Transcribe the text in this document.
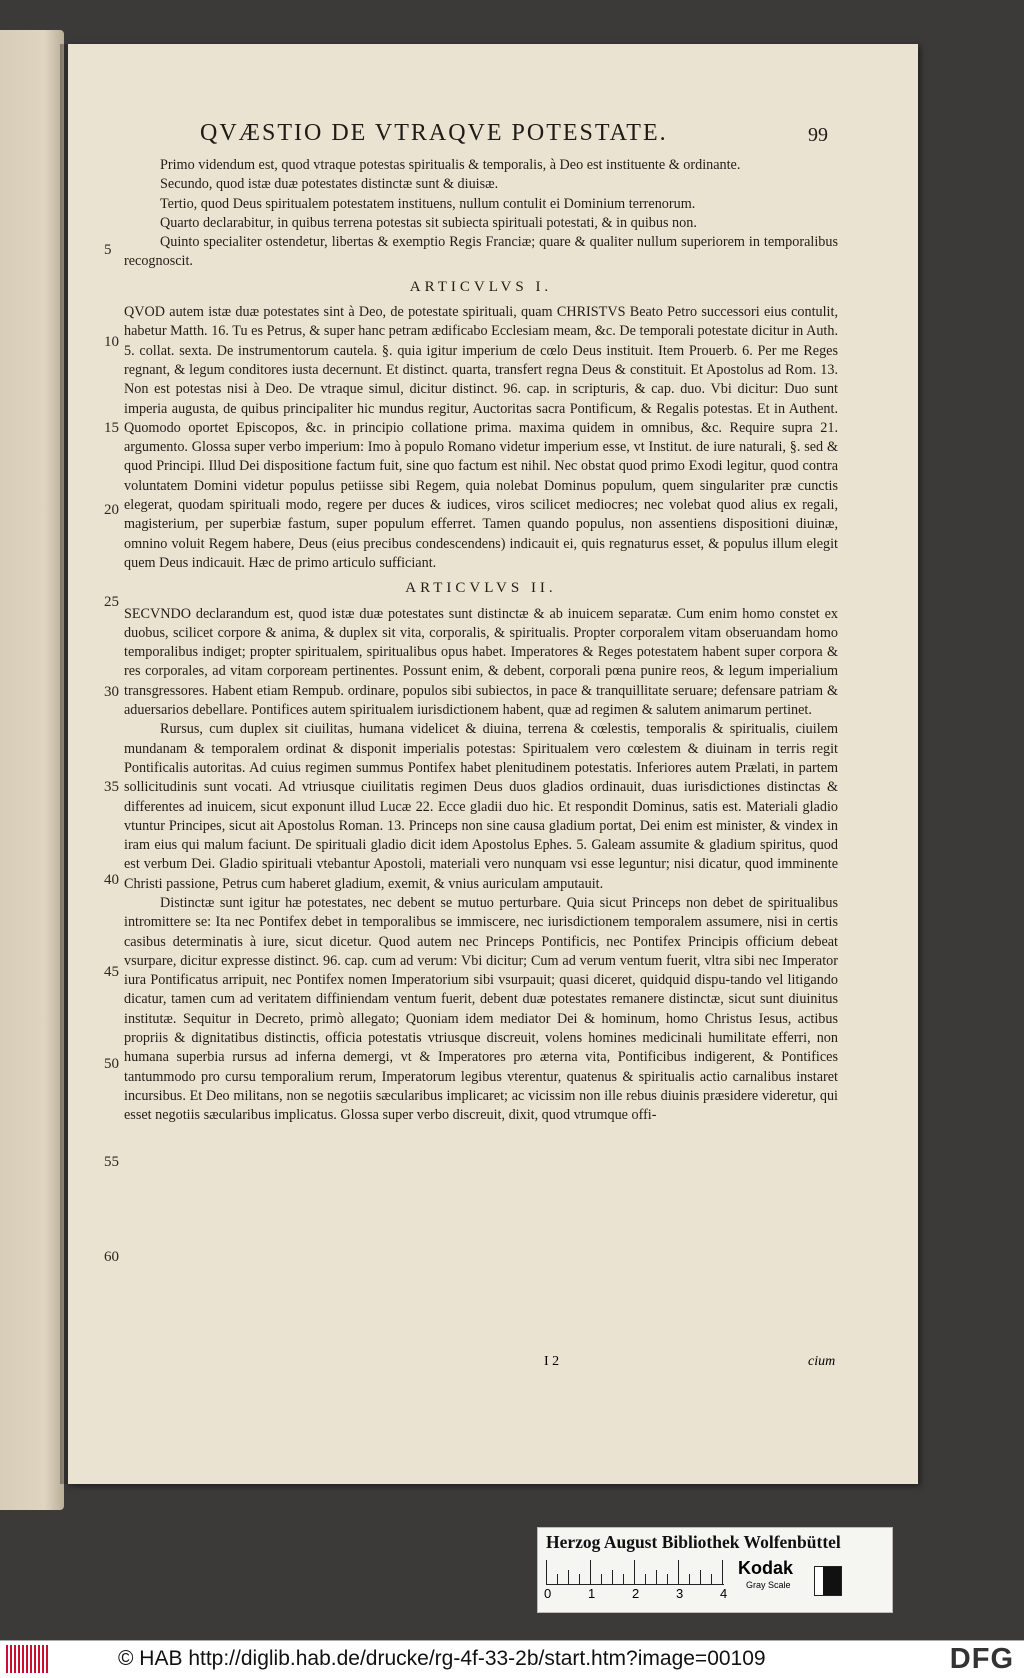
QVÆSTIO DE VTRAQVE POTESTATE.	99
5
10
15
20
25
30
35
40
45
50
55
60

Primo videndum est, quod vtraque potestas spiritualis & temporalis, à Deo est instituente & ordinante.

Secundo, quod istæ duæ potestates distinctæ sunt & diuisæ.

Tertio, quod Deus spiritualem potestatem instituens, nullum contulit ei Dominium terrenorum.

Quarto declarabitur, in quibus terrena potestas sit subiecta spirituali potestati, & in quibus non.

Quinto specialiter ostendetur, libertas & exemptio Regis Franciæ; quare & qualiter nullum superiorem in temporalibus recognoscit.

ARTICVLVS I.

QVOD autem istæ duæ potestates sint à Deo, de potestate spirituali, quam CHRISTVS Beato Petro successori eius contulit, habetur Matth. 16. Tu es Petrus, & super hanc petram ædificabo Ecclesiam meam, &c. De temporali potestate dicitur in Auth. 5. collat. sexta. De instrumentorum cautela. §. quia igitur imperium de cœlo Deus instituit. Item Prouerb. 6. Per me Reges regnant, & legum conditores iusta decernunt. Et distinct. quarta, transfert regna Deus & constituit. Et Apostolus ad Rom. 13. Non est potestas nisi à Deo. De vtraque simul, dicitur distinct. 96. cap. in scripturis, & cap. duo. Vbi dicitur: Duo sunt imperia augusta, de quibus principaliter hic mundus regitur, Auctoritas sacra Pontificum, & Regalis potestas. Et in Authent. Quomodo oportet Episcopos, &c. in principio collatione prima. maxima quidem in omnibus, &c. Require supra 21. argumento. Glossa super verbo imperium: Imo à populo Romano videtur imperium esse, vt Institut. de iure naturali, §. sed & quod Principi. Illud Dei dispositione factum fuit, sine quo factum est nihil. Nec obstat quod primo Exodi legitur, quod contra voluntatem Domini videtur populus petiisse sibi Regem, quia nolebat Dominus populum, quem singulariter præ cunctis elegerat, quodam spirituali modo, regere per duces & iudices, viros scilicet mediocres; nec volebat quod alius ex regali, magisterium, per superbiæ fastum, super populum efferret. Tamen quando populus, non assentiens dispositioni diuinæ, omnino voluit Regem habere, Deus (eius precibus condescendens) indicauit ei, quis regnaturus esset, & populus illum elegit quem Deus indicauit. Hæc de primo articulo sufficiant.

ARTICVLVS II.

SECVNDO declarandum est, quod istæ duæ potestates sunt distinctæ & ab inuicem separatæ. Cum enim homo constet ex duobus, scilicet corpore & anima, & duplex sit vita, corporalis, & spiritualis. Propter corporalem vitam obseruandam homo temporalibus indiget; propter spiritualem, spiritualibus opus habet. Imperatores & Reges potestatem habent super corpora & res corporales, ad vitam corpoream pertinentes. Possunt enim, & debent, corporali pœna punire reos, & legum imperialium transgressores. Habent etiam Rempub. ordinare, populos sibi subiectos, in pace & tranquillitate seruare; defensare patriam & aduersarios debellare. Pontifices autem spiritualem iurisdictionem habent, quæ ad regimen & salutem animarum pertinet.

Rursus, cum duplex sit ciuilitas, humana videlicet & diuina, terrena & cœlestis, temporalis & spiritualis, ciuilem mundanam & temporalem ordinat & disponit imperialis potestas: Spiritualem vero cœlestem & diuinam in terris regit Pontificalis autoritas. Ad cuius regimen summus Pontifex habet plenitudinem potestatis. Inferiores autem Prælati, in partem sollicitudinis sunt vocati. Ad vtriusque ciuilitatis regimen Deus duos gladios ordinauit, duas iurisdictiones distinctas & differentes ad inuicem, sicut exponunt illud Lucæ 22. Ecce gladii duo hic. Et respondit Dominus, satis est. Materiali gladio vtuntur Principes, sicut ait Apostolus Roman. 13. Princeps non sine causa gladium portat, Dei enim est minister, & vindex in iram eius qui malum faciunt. De spirituali gladio dicit idem Apostolus Ephes. 5. Galeam assumite & gladium spiritus, quod est verbum Dei. Gladio spirituali vtebantur Apostoli, materiali vero nunquam vsi esse leguntur; nisi dicatur, quod imminente Christi passione, Petrus cum haberet gladium, exemit, & vnius auriculam amputauit.

Distinctæ sunt igitur hæ potestates, nec debent se mutuo perturbare. Quia sicut Princeps non debet de spiritualibus intromittere se: Ita nec Pontifex debet in temporalibus se immiscere, nec iurisdictionem temporalem assumere, nisi in certis casibus determinatis à iure, sicut dicetur. Quod autem nec Princeps Pontificis, nec Pontifex Principis officium debeat vsurpare, dicitur expresse distinct. 96. cap. cum ad verum: Vbi dicitur; Cum ad verum ventum fuerit, vltra sibi nec Imperator iura Pontificatus arripuit, nec Pontifex nomen Imperatorium sibi vsurpauit; quasi diceret, quidquid dispu-tando vel litigando dicatur, tamen cum ad veritatem diffiniendam ventum fuerit, debent duæ potestates remanere distinctæ, sicut sunt diuinitus institutæ. Sequitur in Decreto, primò allegato; Quoniam idem mediator Dei & hominum, homo Christus Iesus, actibus propriis & dignitatibus distinctis, officia potestatis vtriusque discreuit, volens homines medicinali humilitate efferri, non humana superbia rursus ad inferna demergi, vt & Imperatores pro æterna vita, Pontificibus indigerent, & Pontifices tantummodo pro cursu temporalium rerum, Imperatorum legibus vterentur, quatenus & spiritualis actio carnalibus instaret incursibus. Et Deo militans, non se negotiis sæcularibus implicaret; ac vicissim non ille rebus diuinis præsidere videretur, qui esset negotiis sæcularibus implicatus. Glossa super verbo discreuit, dixit, quod vtrumque offi-

I 2	cium
Herzog August Bibliothek Wolfenbüttel
0	1	2	3	4
Kodak
Gray Scale
© HAB http://diglib.hab.de/drucke/rg-4f-33-2b/start.htm?image=00109	DFG
